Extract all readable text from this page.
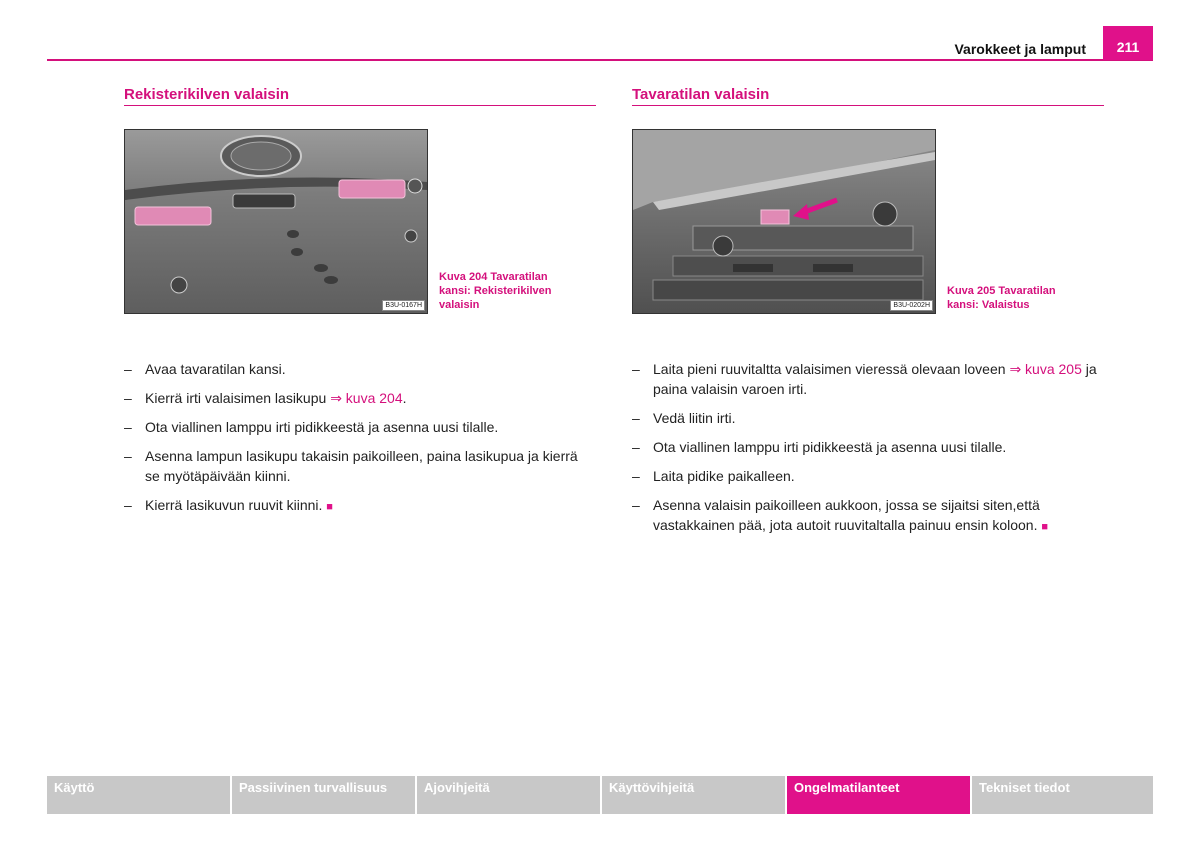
Varokkeet ja lamput 211
Rekisterikilven valaisin
B3U-0167H
Kuva 204 Tavaratilan
kansi: Rekisterikilven
valaisin
– Avaa tavaratilan kansi.
– Kierrä irti valaisimen lasikupu ⇒ kuva 204.
– Ota viallinen lamppu irti pidikkeestä ja asenna uusi tilalle.
– Asenna lampun lasikupu takaisin paikoilleen, paina lasikupua ja kierrä se myötäpäivään kiinni.
– Kierrä lasikuvun ruuvit kiinni. ■
Tavaratilan valaisin
B3U-0202H
Kuva 205 Tavaratilan
kansi: Valaistus
– Laita pieni ruuvitaltta valaisimen vieressä olevaan loveen ⇒ kuva 205 ja paina valaisin varoen irti.
– Vedä liitin irti.
– Ota viallinen lamppu irti pidikkeestä ja asenna uusi tilalle.
– Laita pidike paikalleen.
– Asenna valaisin paikoilleen aukkoon, jossa se sijaitsi siten,että vastakkainen pää, jota autoit ruuvitaltalla painuu ensin koloon. ■
Käyttö	Passiivinen turvallisuus	Ajovihjeitä	Käyttövihjeitä	Ongelmatilanteet	Tekniset tiedot
